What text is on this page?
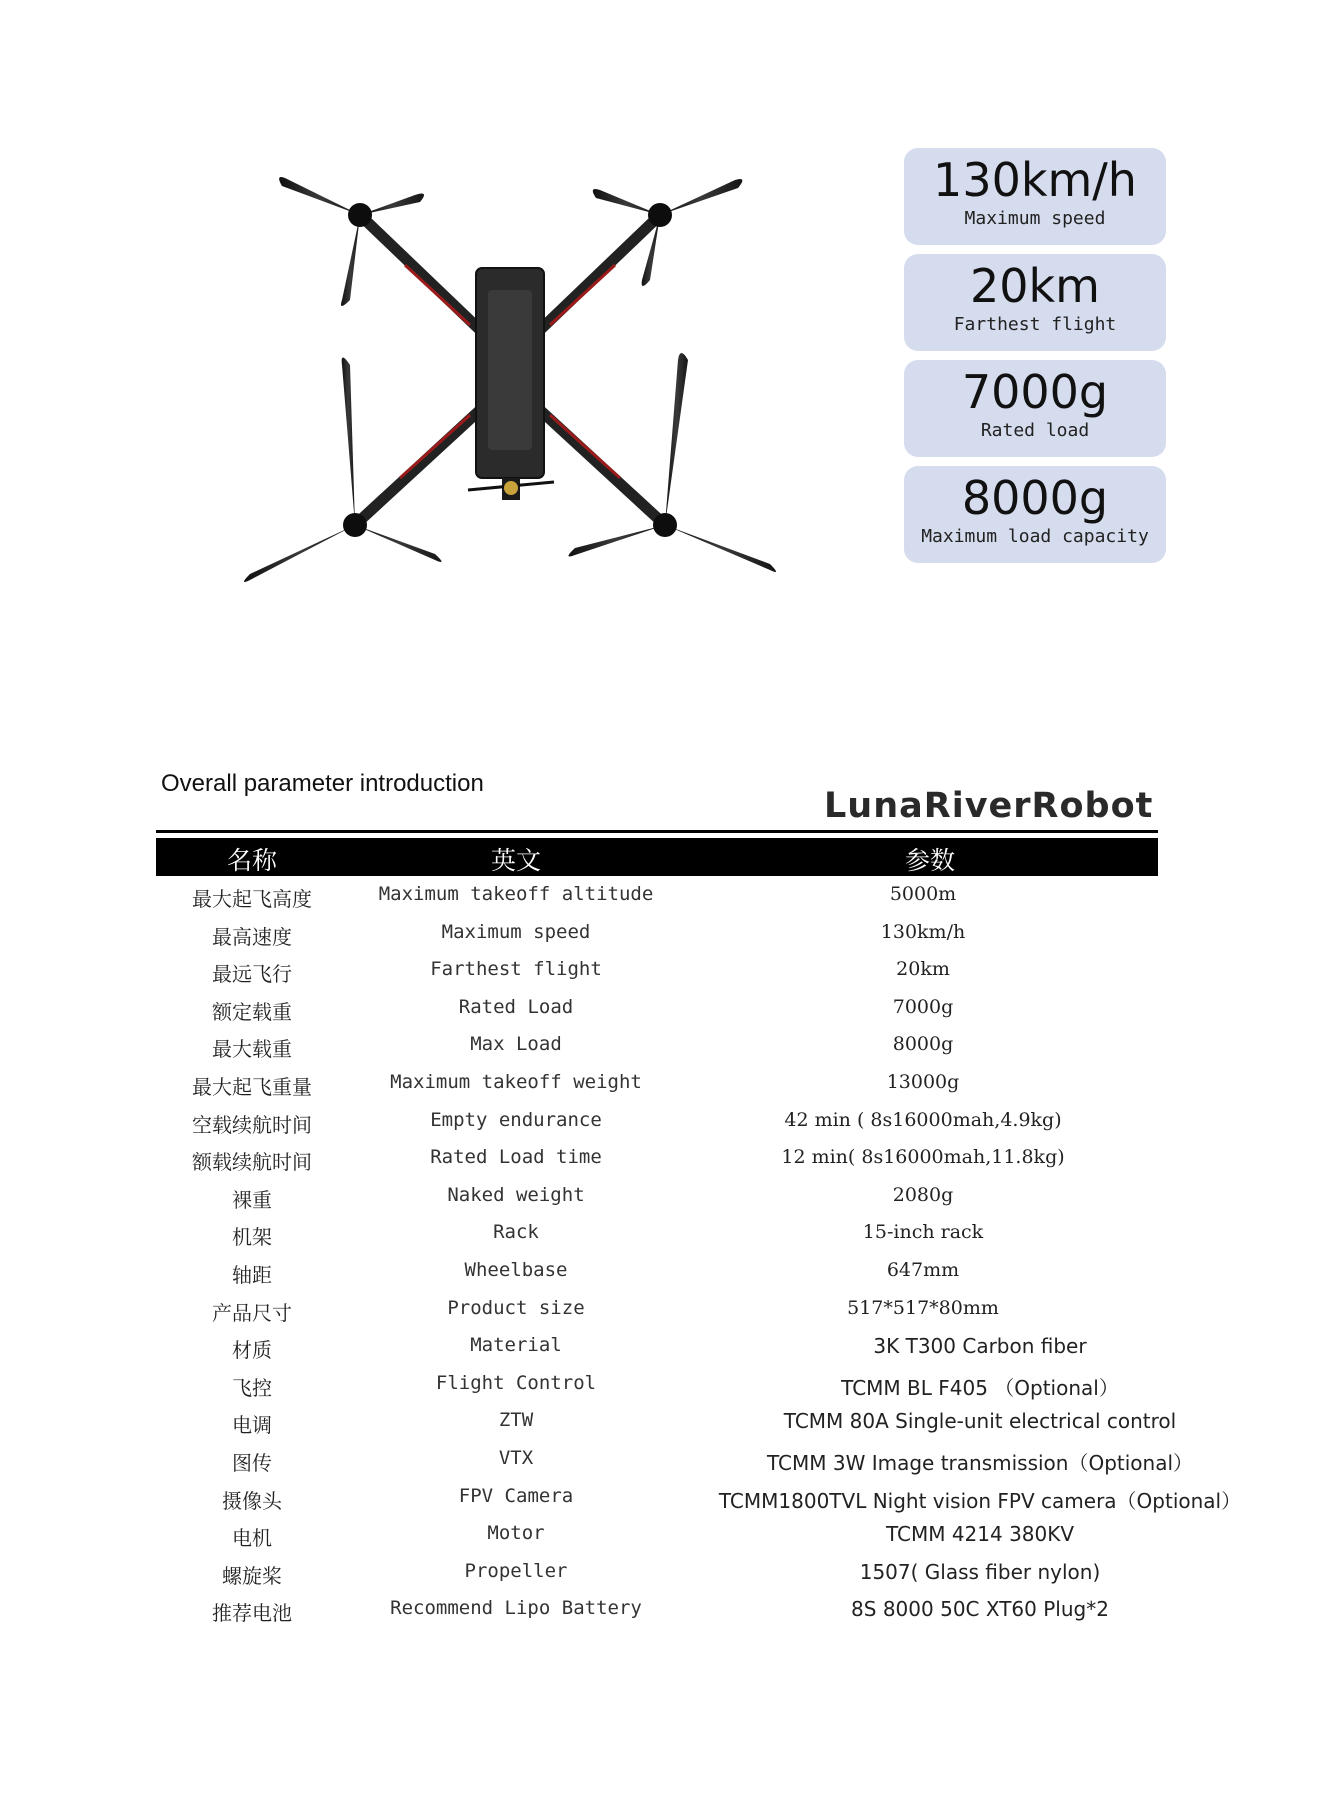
130km/h
Maximum speed
20km
Farthest flight
7000g
Rated load
8000g
Maximum load capacity
Overall parameter introduction
LunaRiverRobot
名称	英文	参数
最大起飞高度	Maximum takeoff altitude	5000m
最高速度	Maximum speed	130km/h
最远飞行	Farthest flight	20km
额定载重	Rated Load	7000g
最大载重	Max Load	8000g
最大起飞重量	Maximum takeoff weight	13000g
空载续航时间	Empty endurance	42 min ( 8s16000mah,4.9kg)
额载续航时间	Rated Load time	12 min( 8s16000mah,11.8kg)
裸重	Naked weight	2080g
机架	Rack	15-inch rack
轴距	Wheelbase	647mm
产品尺寸	Product size	517*517*80mm
材质	Material	3K T300 Carbon fiber
飞控	Flight Control	TCMM BL F405 （Optional）
电调	ZTW	TCMM 80A Single-unit electrical control
图传	VTX	TCMM 3W Image transmission（Optional）
摄像头	FPV Camera	TCMM1800TVL Night vision FPV camera（Optional）
电机	Motor	TCMM 4214 380KV
螺旋桨	Propeller	1507( Glass fiber nylon)
推荐电池	Recommend Lipo Battery	8S 8000 50C XT60 Plug*2
